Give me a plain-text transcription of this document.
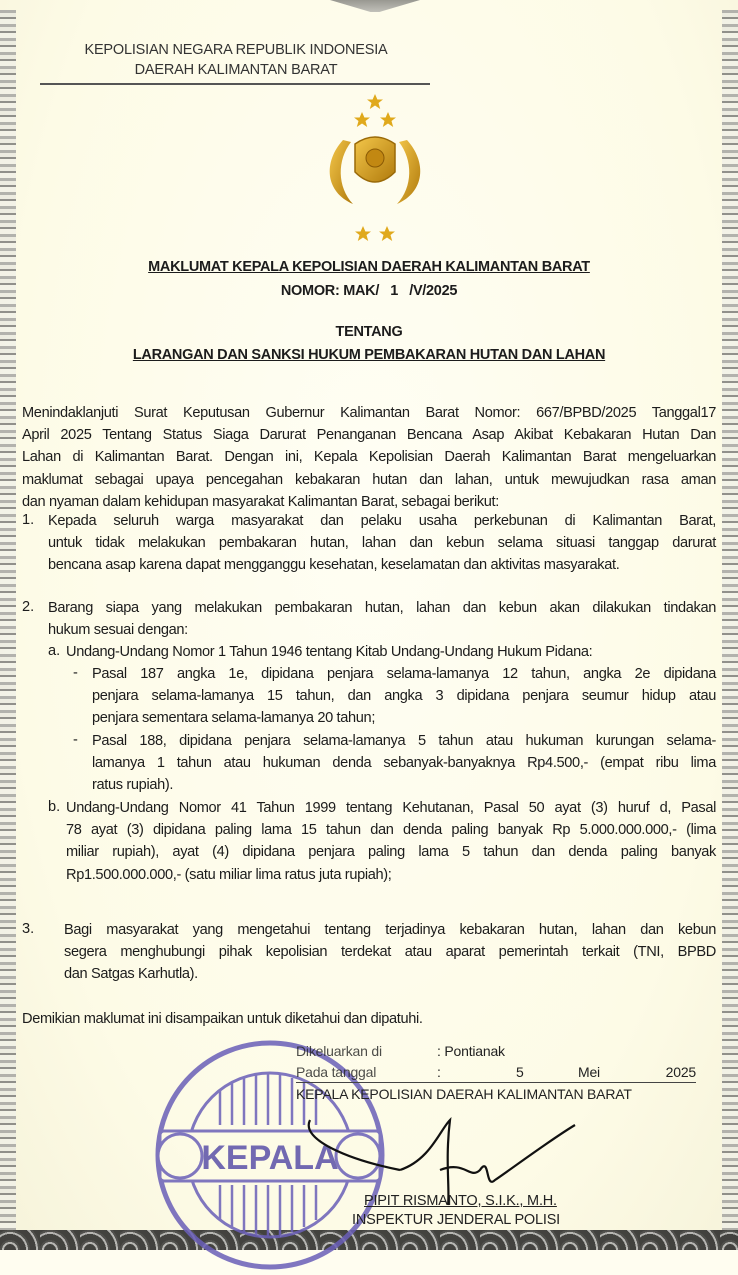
KEPOLISIAN NEGARA REPUBLIK INDONESIA
DAERAH KALIMANTAN BARAT
MAKLUMAT KEPALA KEPOLISIAN DAERAH KALIMANTAN BARAT
NOMOR: MAK/   1   /V/2025
TENTANG
LARANGAN DAN SANKSI HUKUM PEMBAKARAN HUTAN DAN LAHAN
Menindaklanjuti Surat Keputusan Gubernur Kalimantan Barat Nomor: 667/BPBD/2025 Tanggal17
April 2025 Tentang Status Siaga Darurat Penanganan Bencana Asap Akibat Kebakaran Hutan Dan
Lahan di Kalimantan Barat. Dengan ini, Kepala Kepolisian Daerah Kalimantan Barat mengeluarkan
maklumat sebagai upaya pencegahan kebakaran hutan dan lahan, untuk mewujudkan rasa aman
dan nyaman dalam kehidupan masyarakat Kalimantan Barat, sebagai berikut:
1. Kepada seluruh warga masyarakat dan pelaku usaha perkebunan di Kalimantan Barat,
untuk tidak melakukan pembakaran hutan, lahan dan kebun selama situasi tanggap darurat
bencana asap karena dapat mengganggu kesehatan, keselamatan dan aktivitas masyarakat.
2. Barang siapa yang melakukan pembakaran hutan, lahan dan kebun akan dilakukan tindakan
hukum sesuai dengan:
a. Undang-Undang Nomor 1 Tahun 1946 tentang Kitab Undang-Undang Hukum Pidana:
- Pasal 187 angka 1e, dipidana penjara selama-lamanya 12 tahun, angka 2e dipidana
penjara selama-lamanya 15 tahun, dan angka 3 dipidana penjara seumur hidup atau
penjara sementara selama-lamanya 20 tahun;
- Pasal 188, dipidana penjara selama-lamanya 5 tahun atau hukuman kurungan selama-
lamanya 1 tahun atau hukuman denda sebanyak-banyaknya Rp4.500,- (empat ribu lima
ratus rupiah).
b. Undang-Undang Nomor 41 Tahun 1999 tentang Kehutanan, Pasal 50 ayat (3) huruf d, Pasal
78 ayat (3) dipidana paling lama 15 tahun dan denda paling banyak Rp 5.000.000.000,- (lima
miliar rupiah), ayat (4) dipidana penjara paling lama 5 tahun dan denda paling banyak
Rp1.500.000.000,- (satu miliar lima ratus juta rupiah);
3. Bagi masyarakat yang mengetahui tentang terjadinya kebakaran hutan, lahan dan kebun
segera menghubungi pihak kepolisian terdekat atau aparat pemerintah terkait (TNI, BPBD
dan Satgas Karhutla).
Demikian maklumat ini disampaikan untuk diketahui dan dipatuhi.
KEPALA
Dikeluarkan di	: Pontianak
Pada tanggal	:	5	Mei	2025
KEPALA KEPOLISIAN DAERAH KALIMANTAN BARAT
PIPIT RISMANTO, S.I.K., M.H.
INSPEKTUR JENDERAL POLISI
